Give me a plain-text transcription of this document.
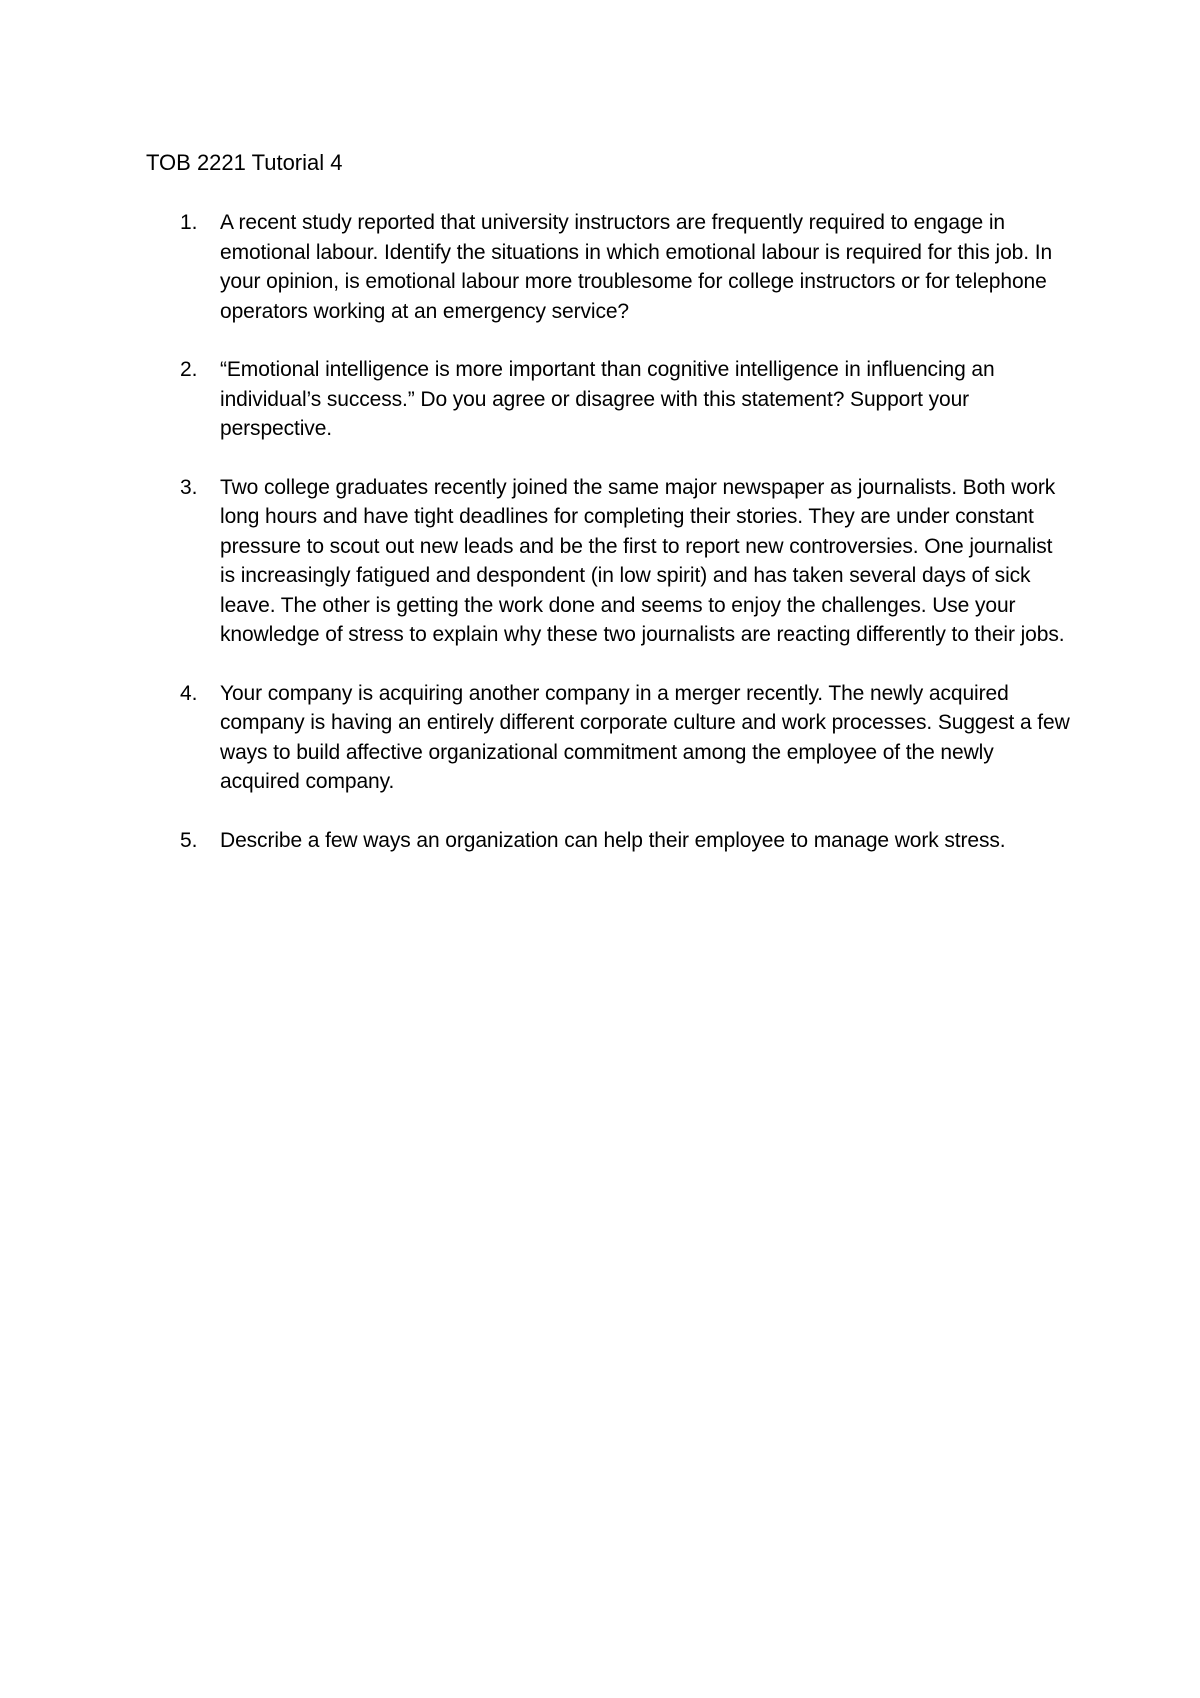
TOB 2221 Tutorial 4
1.	A recent study reported that university instructors are frequently required to engage in emotional labour. Identify the situations in which emotional labour is required for this job. In your opinion, is emotional labour more troublesome for college instructors or for telephone operators working at an emergency service?
2.	“Emotional intelligence is more important than cognitive intelligence in influencing an individual’s success.” Do you agree or disagree with this statement? Support your perspective.
3.	Two college graduates recently joined the same major newspaper as journalists. Both work long hours and have tight deadlines for completing their stories. They are under constant pressure to scout out new leads and be the first to report new controversies. One journalist is increasingly fatigued and despondent (in low spirit) and has taken several days of sick leave. The other is getting the work done and seems to enjoy the challenges. Use your knowledge of stress to explain why these two journalists are reacting differently to their jobs.
4.	Your company is acquiring another company in a merger recently. The newly acquired company is having an entirely different corporate culture and work processes. Suggest a few ways to build affective organizational commitment among the employee of the newly acquired company.
5.	Describe a few ways an organization can help their employee to manage work stress.
